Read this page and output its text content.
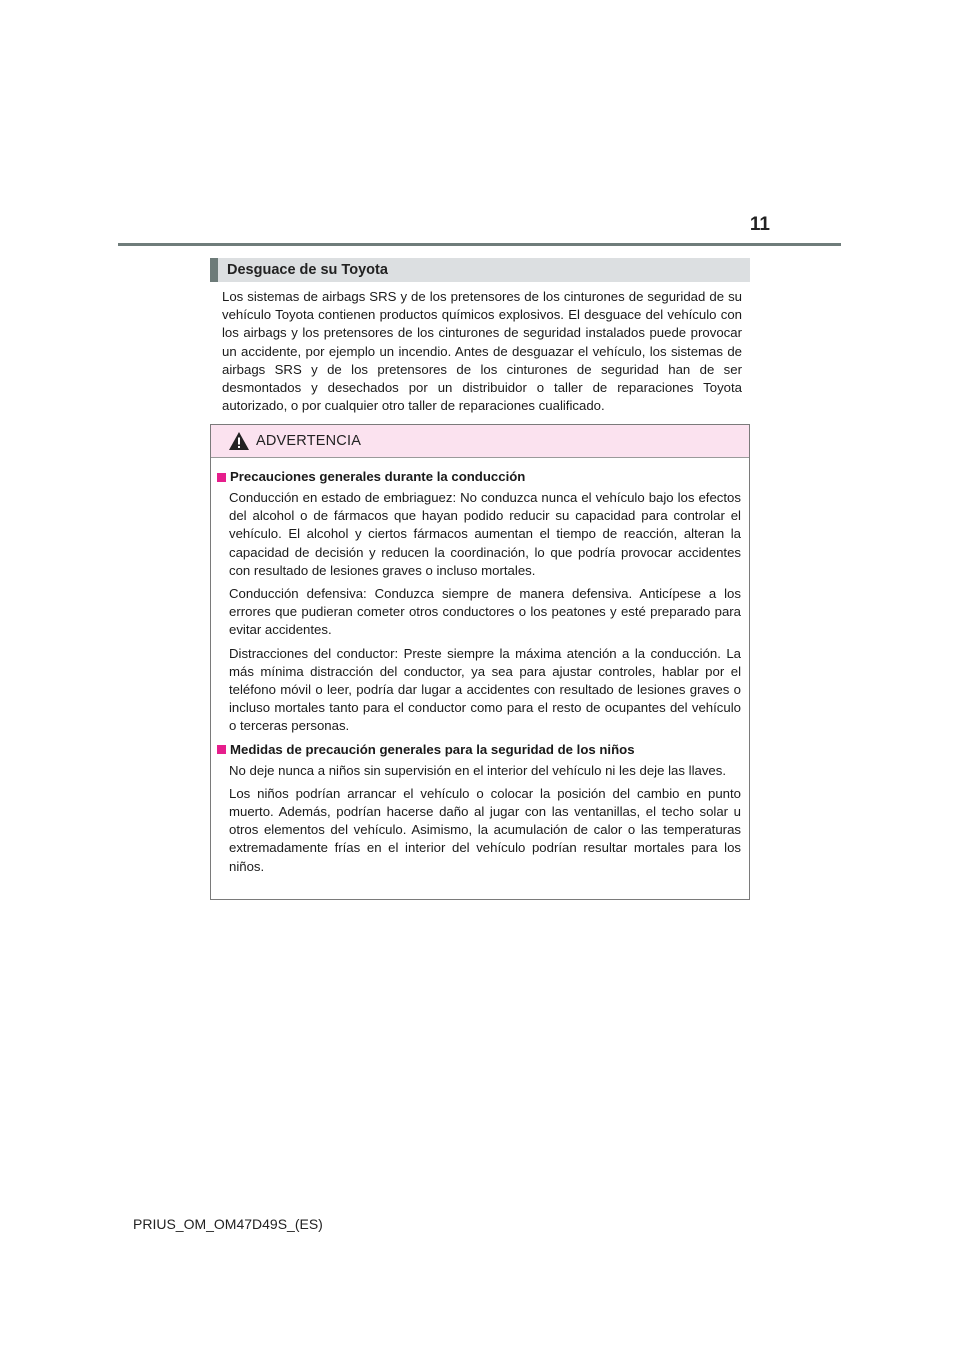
11
Desguace de su Toyota

Los sistemas de airbags SRS y de los pretensores de los cinturones de seguridad de su vehículo Toyota contienen productos químicos explosivos. El desguace del vehículo con los airbags y los pretensores de los cinturones de seguridad instalados puede provocar un accidente, por ejemplo un incendio. Antes de desguazar el vehículo, los sistemas de airbags SRS y de los pretensores de los cinturones de seguridad han de ser desmontados y desechados por un distribuidor o taller de reparaciones Toyota autorizado, o por cualquier otro taller de reparaciones cualificado.

ADVERTENCIA
Precauciones generales durante la conducción

Conducción en estado de embriaguez: No conduzca nunca el vehículo bajo los efectos del alcohol o de fármacos que hayan podido reducir su capacidad para controlar el vehículo. El alcohol y ciertos fármacos aumentan el tiempo de reacción, alteran la capacidad de decisión y reducen la coordinación, lo que podría provocar accidentes con resultado de lesiones graves o incluso mortales.

Conducción defensiva: Conduzca siempre de manera defensiva. Anticípese a los errores que pudieran cometer otros conductores o los peatones y esté preparado para evitar accidentes.

Distracciones del conductor: Preste siempre la máxima atención a la conducción. La más mínima distracción del conductor, ya sea para ajustar controles, hablar por el teléfono móvil o leer, podría dar lugar a accidentes con resultado de lesiones graves o incluso mortales tanto para el conductor como para el resto de ocupantes del vehículo o terceras personas.

Medidas de precaución generales para la seguridad de los niños

No deje nunca a niños sin supervisión en el interior del vehículo ni les deje las llaves.

Los niños podrían arrancar el vehículo o colocar la posición del cambio en punto muerto. Además, podrían hacerse daño al jugar con las ventanillas, el techo solar u otros elementos del vehículo. Asimismo, la acumulación de calor o las temperaturas extremadamente frías en el interior del vehículo podrían resultar mortales para los niños.

PRIUS_OM_OM47D49S_(ES)
